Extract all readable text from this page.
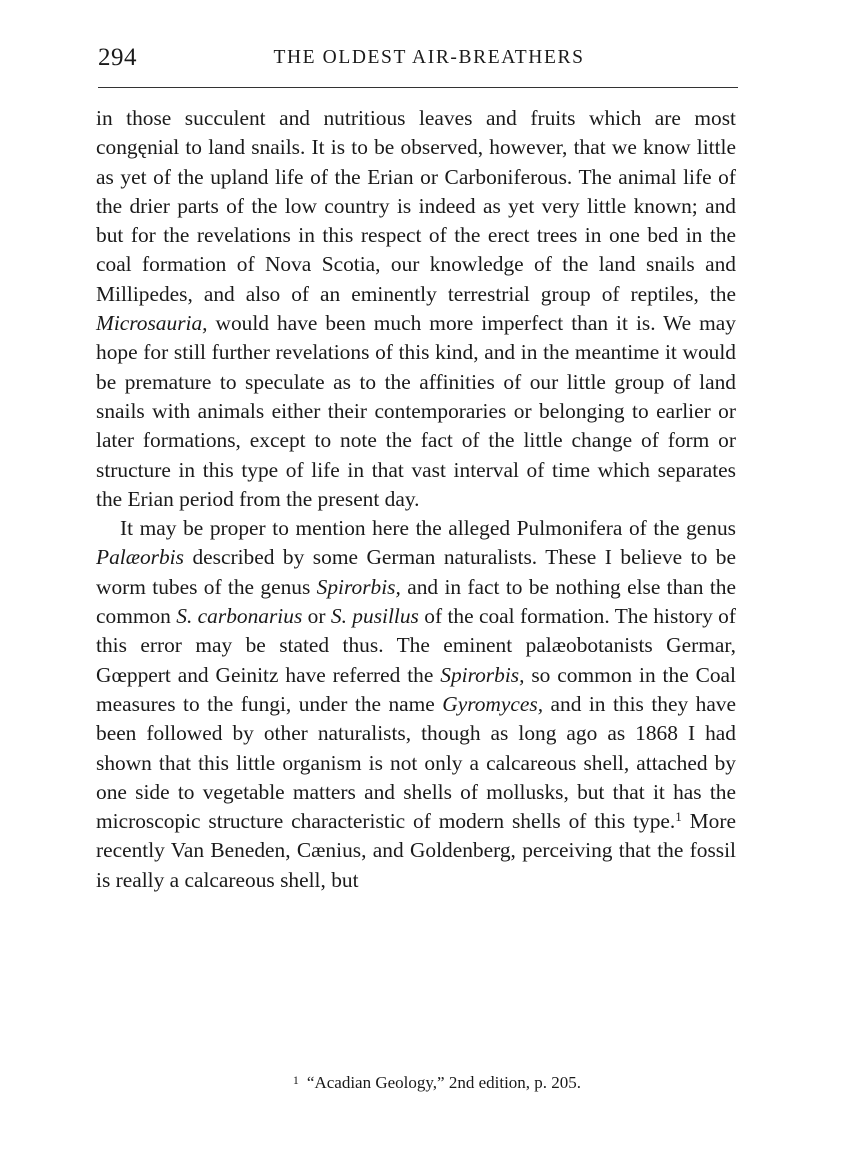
294	THE OLDEST AIR-BREATHERS

in those succulent and nutritious leaves and fruits which are most congęnial to land snails. It is to be observed, however, that we know little as yet of the upland life of the Erian or Carboniferous. The animal life of the drier parts of the low country is indeed as yet very little known; and but for the revelations in this respect of the erect trees in one bed in the coal formation of Nova Scotia, our knowledge of the land snails and Millipedes, and also of an eminently terrestrial group of reptiles, the Microsauria, would have been much more imperfect than it is. We may hope for still further revelations of this kind, and in the meantime it would be premature to speculate as to the affinities of our little group of land snails with animals either their contemporaries or belonging to earlier or later formations, except to note the fact of the little change of form or structure in this type of life in that vast interval of time which separates the Erian period from the present day.

It may be proper to mention here the alleged Pulmonifera of the genus Palæorbis described by some German naturalists. These I believe to be worm tubes of the genus Spirorbis, and in fact to be nothing else than the common S. carbonarius or S. pusillus of the coal formation. The history of this error may be stated thus. The eminent palæobotanists Germar, Gœppert and Geinitz have referred the Spirorbis, so common in the Coal measures to the fungi, under the name Gyromyces, and in this they have been followed by other naturalists, though as long ago as 1868 I had shown that this little organism is not only a calcareous shell, attached by one side to vegetable matters and shells of mollusks, but that it has the microscopic structure characteristic of modern shells of this type.$^1$ More recently Van Beneden, Cænius, and Goldenberg, perceiving that the fossil is really a calcareous shell, but

$^1$ “Acadian Geology,” 2nd edition, p. 205.
